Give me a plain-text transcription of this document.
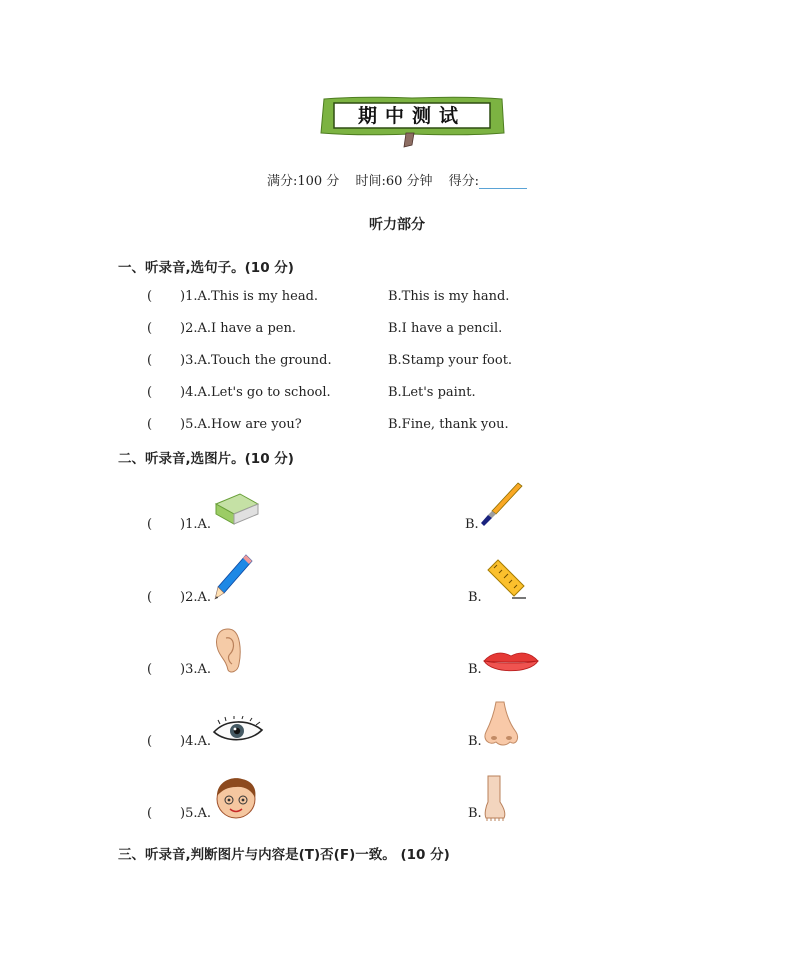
期中测试
满分:100 分 时间:60 分钟 得分:
听力部分
一、听录音,选句子。(10 分)
( )1.A.This is my head.	B.This is my hand.
( )2.A.I have a pen.	B.I have a pencil.
( )3.A.Touch the ground.	B.Stamp your foot.
( )4.A.Let's go to school.	B.Let's paint.
( )5.A.How are you?	B.Fine, thank you.
二、听录音,选图片。(10 分)
( )1.A.	B.
( )2.A.	B.
( )3.A.	B.
( )4.A.	B.
( )5.A.	B.
三、听录音,判断图片与内容是(T)否(F)一致。 (10 分)
